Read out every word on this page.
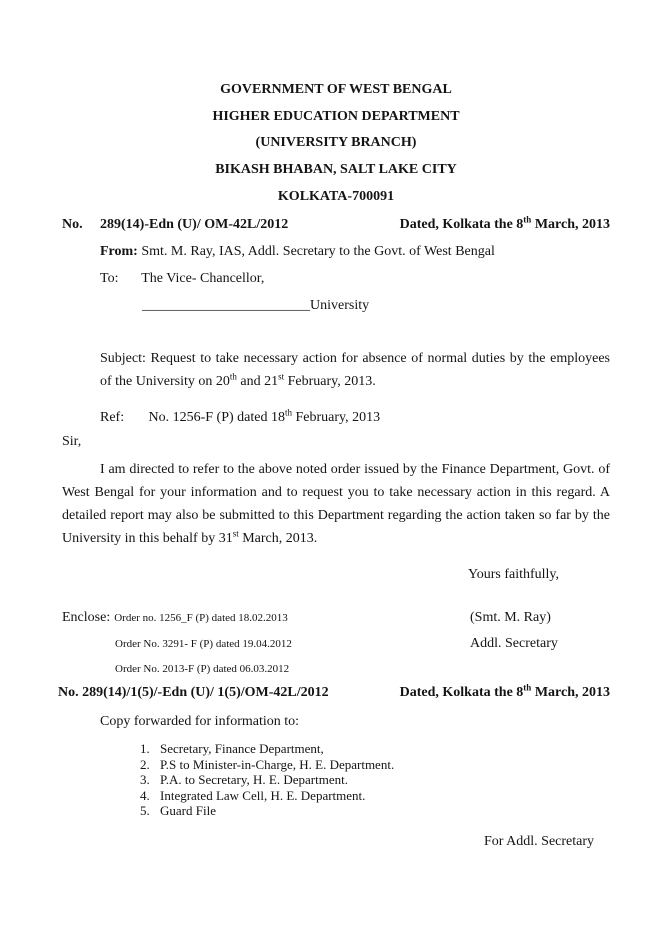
GOVERNMENT OF WEST BENGAL
HIGHER EDUCATION DEPARTMENT
(UNIVERSITY BRANCH)
BIKASH BHABAN, SALT LAKE CITY
KOLKATA-700091
No.	289(14)-Edn (U)/ OM-42L/2012	Dated, Kolkata the 8th March, 2013
From: Smt. M. Ray, IAS, Addl. Secretary to the Govt. of West Bengal
To: The Vice- Chancellor,
________________________University
Subject: Request to take necessary action for absence of normal duties by the employees of the University on 20th and 21st February, 2013.
Ref: No. 1256-F (P) dated 18th February, 2013
Sir,
I am directed to refer to the above noted order issued by the Finance Department, Govt. of West Bengal for your information and to request you to take necessary action in this regard. A detailed report may also be submitted to this Department regarding the action taken so far by the University in this behalf by 31st March, 2013.
Yours faithfully,
Enclose: Order no. 1256_F (P) dated 18.02.2013	(Smt. M. Ray)
Order No. 3291- F (P) dated 19.04.2012	Addl. Secretary
Order No. 2013-F (P) dated 06.03.2012
No. 289(14)/1(5)/-Edn (U)/ 1(5)/OM-42L/2012	Dated, Kolkata the 8th March, 2013
Copy forwarded for information to:
1. Secretary, Finance Department,
2. P.S to Minister-in-Charge, H. E. Department.
3. P.A. to Secretary, H. E. Department.
4. Integrated Law Cell, H. E. Department.
5. Guard File
For Addl. Secretary
